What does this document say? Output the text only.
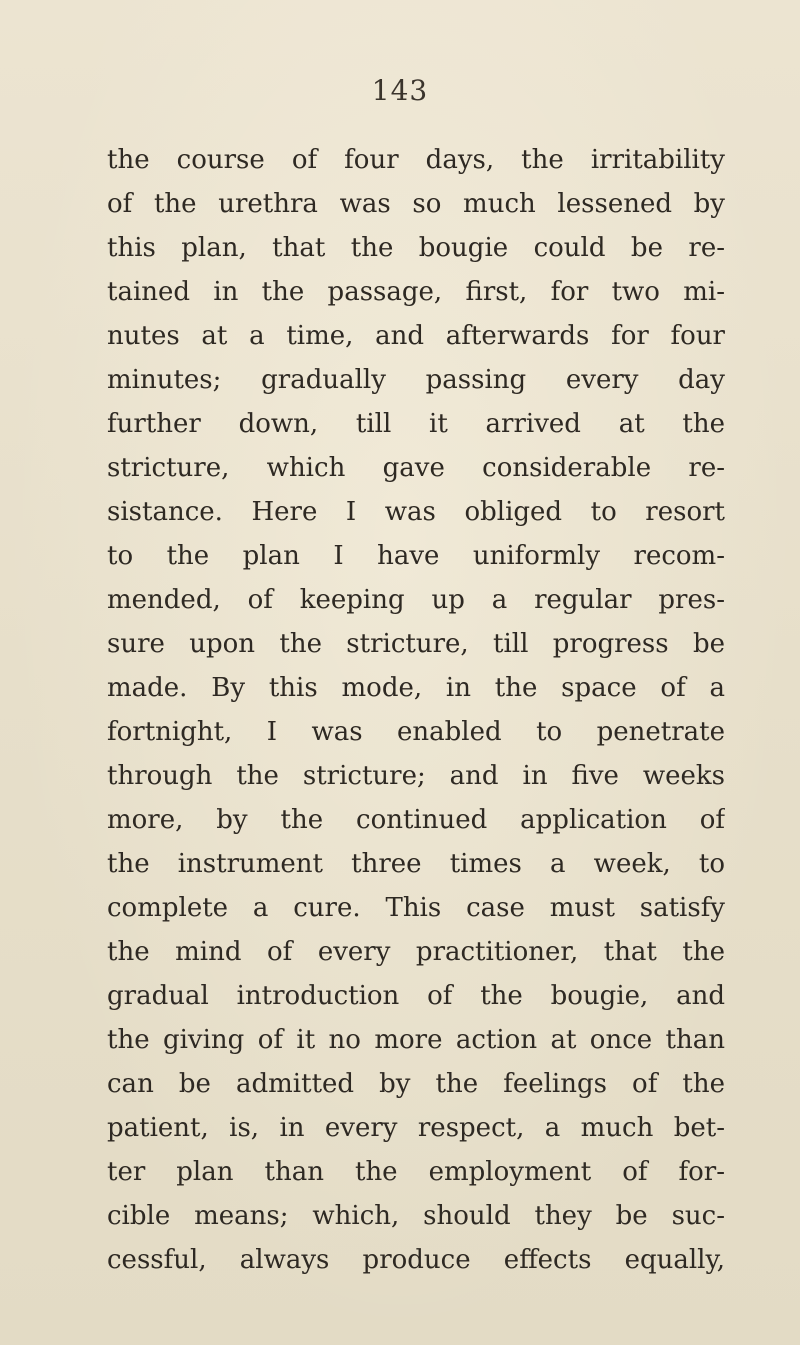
143
the course of four days, the irritability
of the urethra was so much lessened by
this plan, that the bougie could be re-
tained in the passage, first, for two mi-
nutes at a time, and afterwards for four
minutes; gradually passing every day
further down, till it arrived at the
stricture, which gave considerable re-
sistance. Here I was obliged to resort
to the plan I have uniformly recom-
mended, of keeping up a regular pres-
sure upon the stricture, till progress be
made. By this mode, in the space of a
fortnight, I was enabled to penetrate
through the stricture; and in five weeks
more, by the continued application of
the instrument three times a week, to
complete a cure. This case must satisfy
the mind of every practitioner, that the
gradual introduction of the bougie, and
the giving of it no more action at once than
can be admitted by the feelings of the
patient, is, in every respect, a much bet-
ter plan than the employment of for-
cible means; which, should they be suc-
cessful, always produce effects equally,
